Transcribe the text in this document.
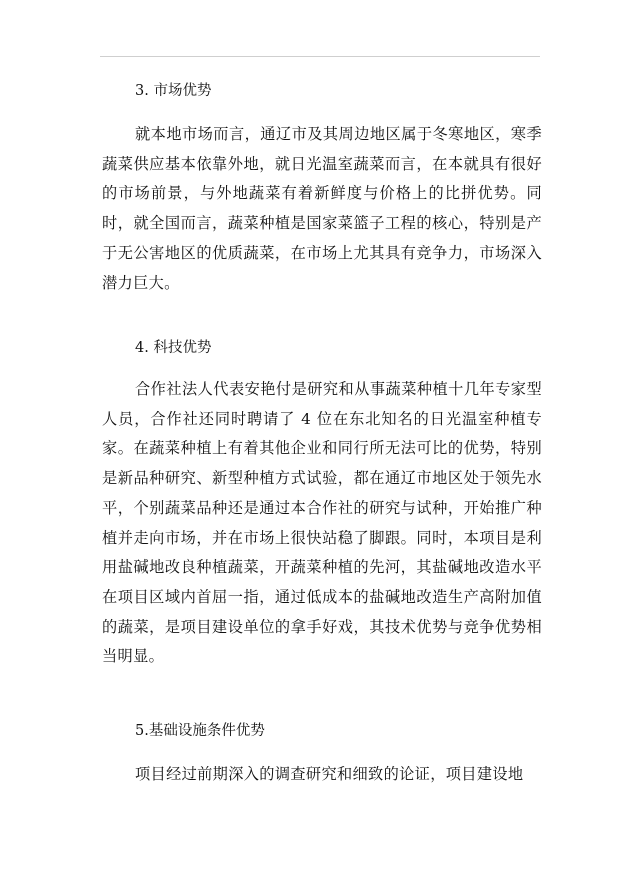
3. 市场优势
就本地市场而言，通辽市及其周边地区属于冬寒地区，寒季蔬菜供应基本依靠外地，就日光温室蔬菜而言，在本就具有很好的市场前景，与外地蔬菜有着新鲜度与价格上的比拼优势。同时，就全国而言，蔬菜种植是国家菜篮子工程的核心，特别是产于无公害地区的优质蔬菜，在市场上尤其具有竞争力，市场深入潜力巨大。
4. 科技优势
合作社法人代表安艳付是研究和从事蔬菜种植十几年专家型人员，合作社还同时聘请了 4 位在东北知名的日光温室种植专家。在蔬菜种植上有着其他企业和同行所无法可比的优势，特别是新品种研究、新型种植方式试验，都在通辽市地区处于领先水平，个别蔬菜品种还是通过本合作社的研究与试种，开始推广种植并走向市场，并在市场上很快站稳了脚跟。同时，本项目是利用盐碱地改良种植蔬菜，开蔬菜种植的先河，其盐碱地改造水平在项目区域内首屈一指，通过低成本的盐碱地改造生产高附加值的蔬菜，是项目建设单位的拿手好戏，其技术优势与竞争优势相当明显。
5.基础设施条件优势
项目经过前期深入的调查研究和细致的论证，项目建设地
